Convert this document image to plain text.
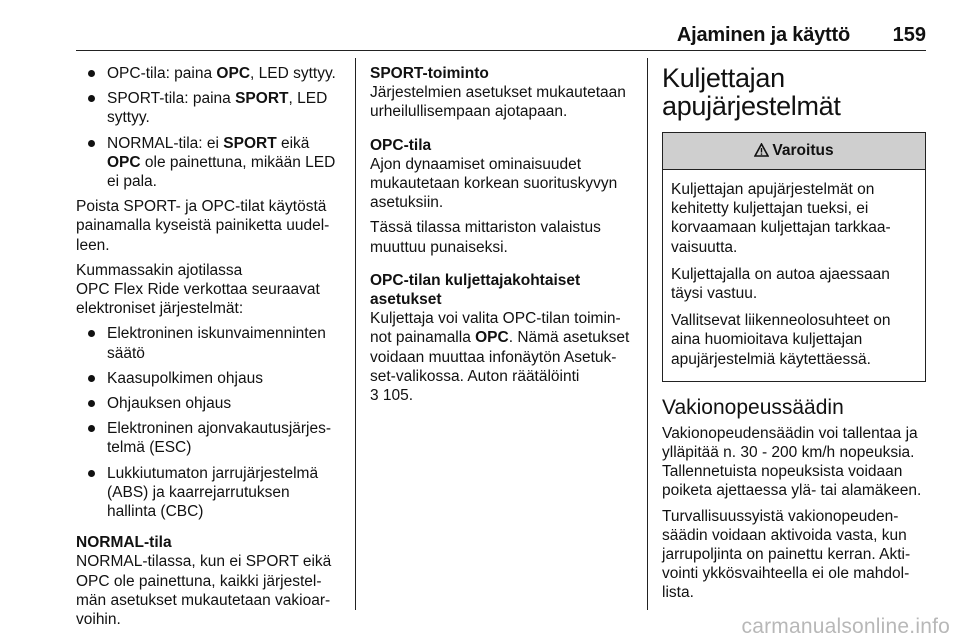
Ajaminen ja käyttö 159
OPC-tila: paina OPC, LED syttyy.
SPORT-tila: paina SPORT, LED syttyy.
NORMAL-tila: ei SPORT eikä OPC ole painettuna, mikään LED ei pala.

Poista SPORT- ja OPC-tilat käytöstä painamalla kyseistä painiketta uudelleen.

Kummassakin ajotilassa
OPC Flex Ride verkottaa seuraavat elektroniset järjestelmät:

Elektroninen iskunvaimenninten säätö
Kaasupolkimen ohjaus
Ohjauksen ohjaus
Elektroninen ajonvakautusjärjestelmä (ESC)
Lukkiutumaton jarrujärjestelmä (ABS) ja kaarrejarrutuksen hallinta (CBC)

NORMAL-tila

NORMAL-tilassa, kun ei SPORT eikä OPC ole painettuna, kaikki järjestelmän asetukset mukautetaan vakioarvoihin.

SPORT-toiminto

Järjestelmien asetukset mukautetaan urheilullisempaan ajotapaan.

OPC-tila

Ajon dynaamiset ominaisuudet mukautetaan korkean suorituskyvyn asetuksiin.

Tässä tilassa mittariston valaistus muuttuu punaiseksi.

OPC-tilan kuljettajakohtaiset asetukset

Kuljettaja voi valita OPC-tilan toiminnot painamalla OPC. Nämä asetukset voidaan muuttaa infonäytön Asetukset-valikossa. Auton räätälöinti
3 105.

Kuljettajan apujärjestelmät
Varoitus

Kuljettajan apujärjestelmät on kehitetty kuljettajan tueksi, ei korvaamaan kuljettajan tarkkaavaisuutta.

Kuljettajalla on autoa ajaessaan täysi vastuu.

Vallitsevat liikenneolosuhteet on aina huomioitava kuljettajan apujärjestelmiä käytettäessä.

Vakionopeussäädin

Vakionopeudensäädin voi tallentaa ja ylläpitää n. 30 - 200 km/h nopeuksia. Tallennetuista nopeuksista voidaan poiketa ajettaessa ylä- tai alamäkeen.

Turvallisuussyistä vakionopeudensäädin voidaan aktivoida vasta, kun jarrupoljinta on painettu kerran. Aktivointi ykkösvaihteella ei ole mahdollista.

carmanualsonline.info
